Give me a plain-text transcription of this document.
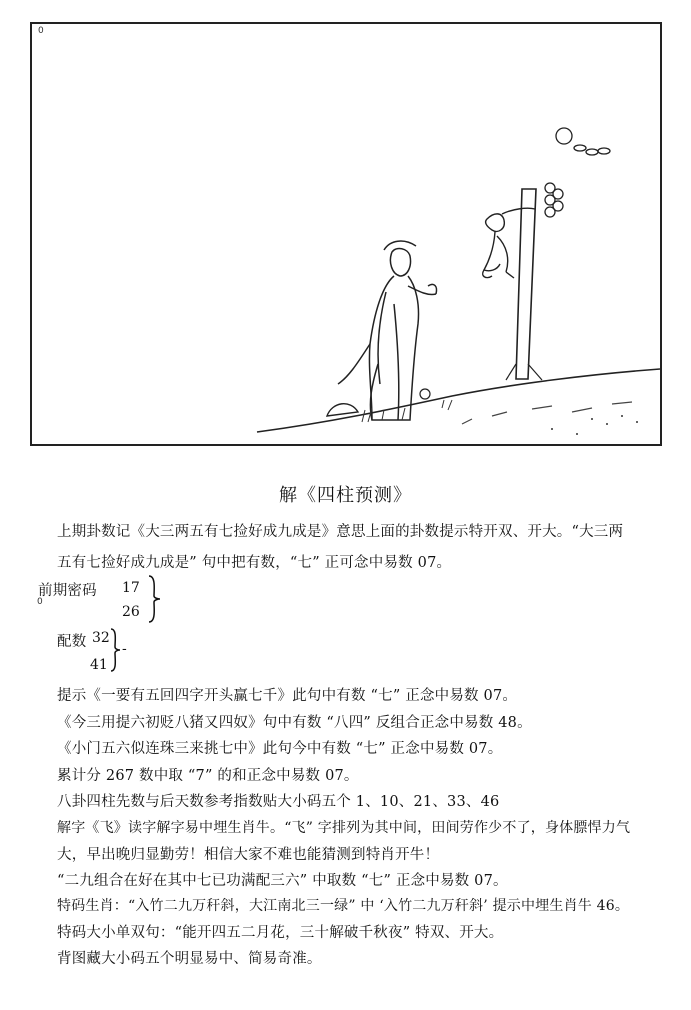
0
解《四柱预测》
上期卦数记《大三两五有七捡好成九成是》意思上面的卦数提示特开双、开大。“大三两
五有七捡好成九成是” 句中把有数，“七” 正可念中易数 07。
前期密码 17
26
0
配数 32
41
-
提示《一要有五回四字开头赢七千》此句中有数 “七” 正念中易数 07。
《今三用提六初贬八猪又四奴》句中有数 “八四” 反组合正念中易数 48。
《小门五六似连珠三来挑七中》此句今中有数 “七” 正念中易数 07。
累计分 267 数中取 “7” 的和正念中易数 07。
八卦四柱先数与后天数参考指数贴大小码五个 1、10、21、33、46
解字《飞》读字解字易中埋生肖牛。“飞” 字排列为其中间，田间劳作少不了，身体膘悍力气
大，早出晚归显勤劳！相信大家不难也能猜测到特肖开牛！
“二九组合在好在其中七已功满配三六” 中取数 “七” 正念中易数 07。
特码生肖：“入竹二九万秆斜，大江南北三一绿” 中 ‘入竹二九万秆斜’ 提示中埋生肖牛 46。
特码大小单双句：“能开四五二月花，三十解破千秋夜” 特双、开大。
背图藏大小码五个明显易中、简易奇准。
